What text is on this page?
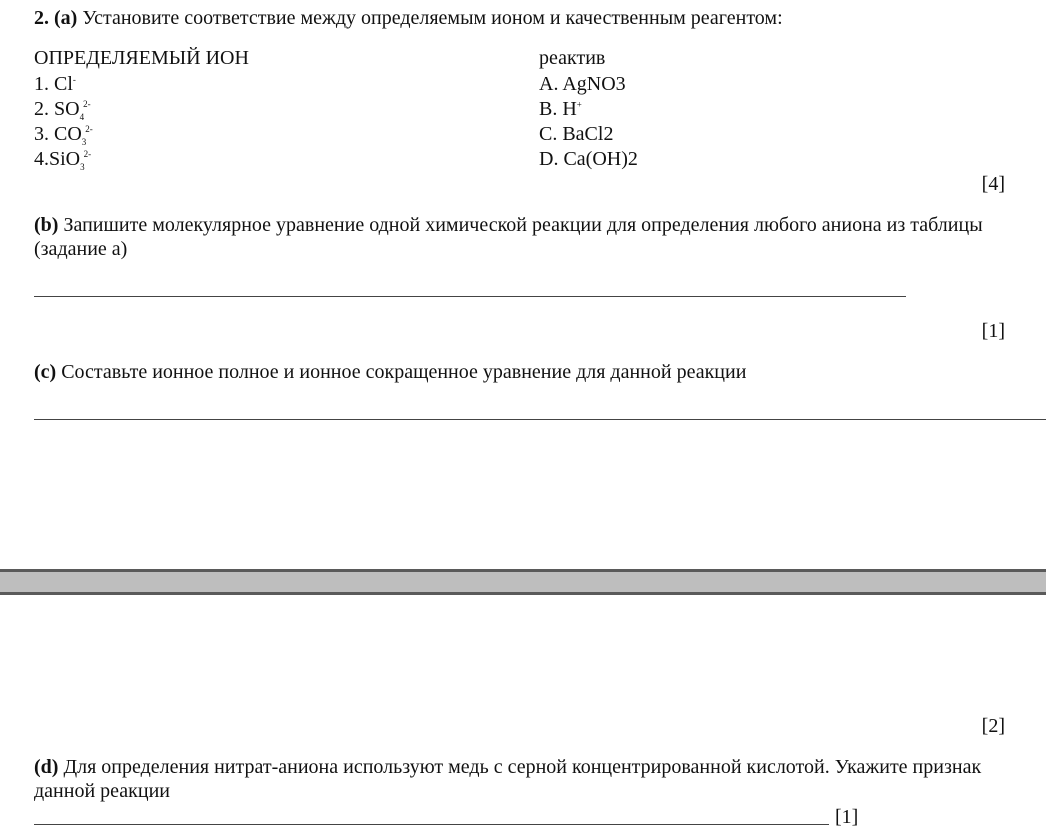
2. (a) Установите соответствие между определяемым ионом и качественным реагентом:
ОПРЕДЕЛЯЕМЫЙ ИОН	реактив
1. Cl-
2. $SO_4^{2-}$
3. $CO_3^{2-}$
4.SiO$_3^{2-}$
A. AgNO3
B. H+
C. BaCl2
D. Ca(OH)2
[4]
(b) Запишите молекулярное уравнение одной химической реакции для определения любого аниона из таблицы (задание а)
[1]
(c) Составьте ионное полное и ионное сокращенное уравнение для данной реакции
[2]
(d) Для определения нитрат-аниона используют медь с серной концентрированной кислотой. Укажите признак данной реакции
[1]
